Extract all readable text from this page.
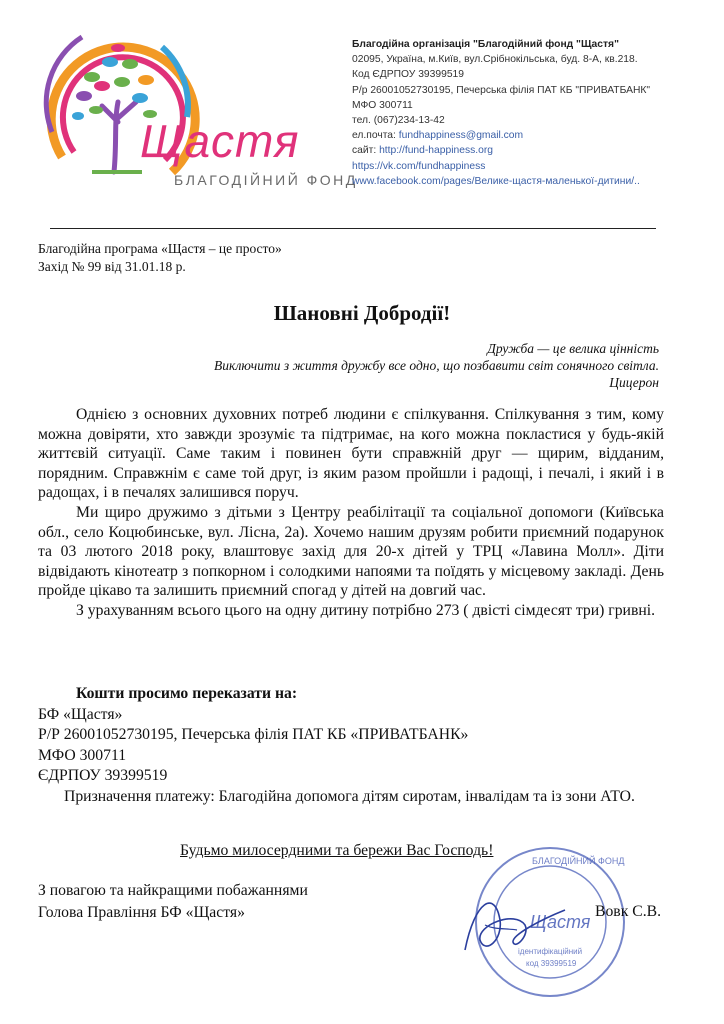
Щастя
БЛАГОДІЙНИЙ ФОНД
Благодійна організація "Благодійний фонд "Щастя"
02095, Україна, м.Київ, вул.Срібнокільська, буд. 8-А, кв.218.
Код ЄДРПОУ 39399519
Р/р 26001052730195, Печерська філія ПАТ КБ "ПРИВАТБАНК"
МФО 300711
тел. (067)234-13-42
ел.почта: fundhappiness@gmail.com
сайт: http://fund-happiness.org
https://vk.com/fundhappiness
www.facebook.com/pages/Велике-щастя-маленької-дитини/..
Благодійна програма «Щастя – це просто»
Захід № 99 від 31.01.18 р.
Шановні Добродії!
Дружба — це велика цінність
Виключити з життя дружбу все одно, що позбавити світ сонячного світла.
Цицерон

Однією з основних духовних потреб людини є спілкування. Спілкування з тим, кому можна довіряти, хто завжди зрозуміє та підтримає, на кого можна покластися у будь-якій життєвій ситуації. Саме таким і повинен бути справжній друг — щирим, відданим, порядним. Справжнім є саме той друг, із яким разом пройшли і радощі, і печалі, і який і в радощах, і в печалях залишився поруч.

Ми щиро дружимо з дітьми з Центру реабілітації та соціальної допомоги (Київська обл., село Коцюбинське, вул. Лісна, 2а). Хочемо нашим друзям робити приємний подарунок та 03 лютого 2018 року, влаштовує захід для 20-х дітей у ТРЦ «Лавина Молл». Діти відвідають кінотеатр з попкорном і солодкими напоями та поїдять у місцевому закладі. День пройде цікаво та залишить приємний спогад у дітей на довгий час.

З урахуванням всього цього на одну дитину потрібно 273 ( двісті сімдесят три) гривні.

Кошти просимо переказати на:
БФ «Щастя»
Р/Р 26001052730195, Печерська філія ПАТ КБ «ПРИВАТБАНК»
МФО 300711
ЄДРПОУ 39399519
Призначення платежу: Благодійна допомога дітям сиротам, інвалідам та із зони АТО.
Будьмо милосердними та бережи Вас Господь!
БЛАГОДІЙНИЙ ФОНД
Щастя
ідентифікаційний
код 39399519
З повагою та найкращими побажаннями
Голова Правління БФ «Щастя»	Вовк С.В.
